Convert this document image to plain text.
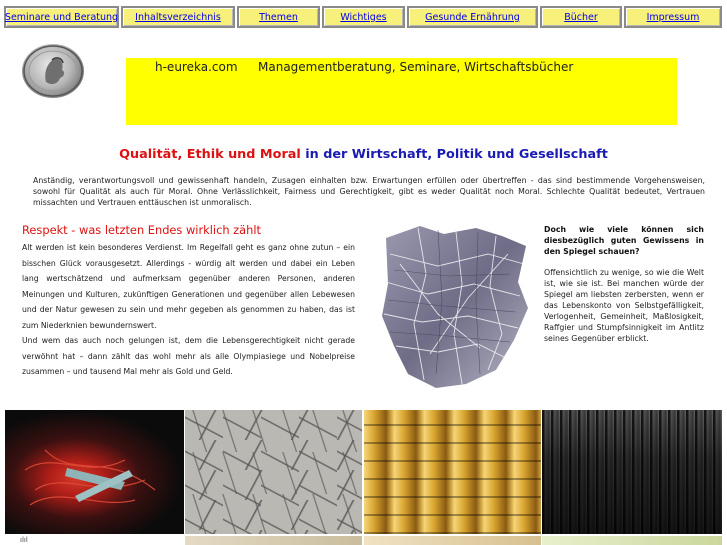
Seminare und Beratung Inhaltsverzeichnis	Themen	Wichtiges	Gesunde Ernährung	Bücher	Impressum
h-eureka.com Managementberatung, Seminare, Wirtschaftsbücher
Qualität, Ethik und Moral in der Wirtschaft, Politik und Gesellschaft
Anständig, verantwortungsvoll und gewissenhaft handeln, Zusagen einhalten bzw. Erwartungen erfüllen oder übertreffen - das sind bestimmende Vorgehensweisen, sowohl für Qualität als auch für Moral. Ohne Verlässlichkeit, Fairness und Gerechtigkeit, gibt es weder Qualität noch Moral. Schlechte Qualität bedeutet, Vertrauen missachten und Vertrauen enttäuschen ist unmoralisch.
Respekt - was letzten Endes wirklich zählt

Alt werden ist kein besonderes Verdienst. Im Regelfall geht es ganz ohne zutun – ein bisschen Glück vorausgesetzt. Allerdings - würdig alt werden und dabei ein Leben lang wertschätzend und aufmerksam gegenüber anderen Personen, anderen Meinungen und Kulturen, zukünftigen Generationen und gegenüber allen Lebewesen und der Natur gewesen zu sein und mehr gegeben als genommen zu haben, das ist zum Niederknien bewundernswert.

Und wem das auch noch gelungen ist, dem die Lebensgerechtigkeit nicht gerade verwöhnt hat – dann zählt das wohl mehr als alle Olympiasiege und Nobelpreise zusammen – und tausend Mal mehr als Gold und Geld.

Doch wie viele können sich diesbezüglich guten Gewissens in den Spiegel schauen?
Offensichtlich zu wenige, so wie die Welt ist, wie sie ist. Bei manchen würde der Spiegel am liebsten zerbersten, wenn er das Lebenskonto von Selbstgefälligkeit, Verlogenheit, Gemeinheit, Maßlosigkeit, Raffgier und Stumpfsinnigkeit im Antlitz seines Gegenüber erblickt.
ılıl
